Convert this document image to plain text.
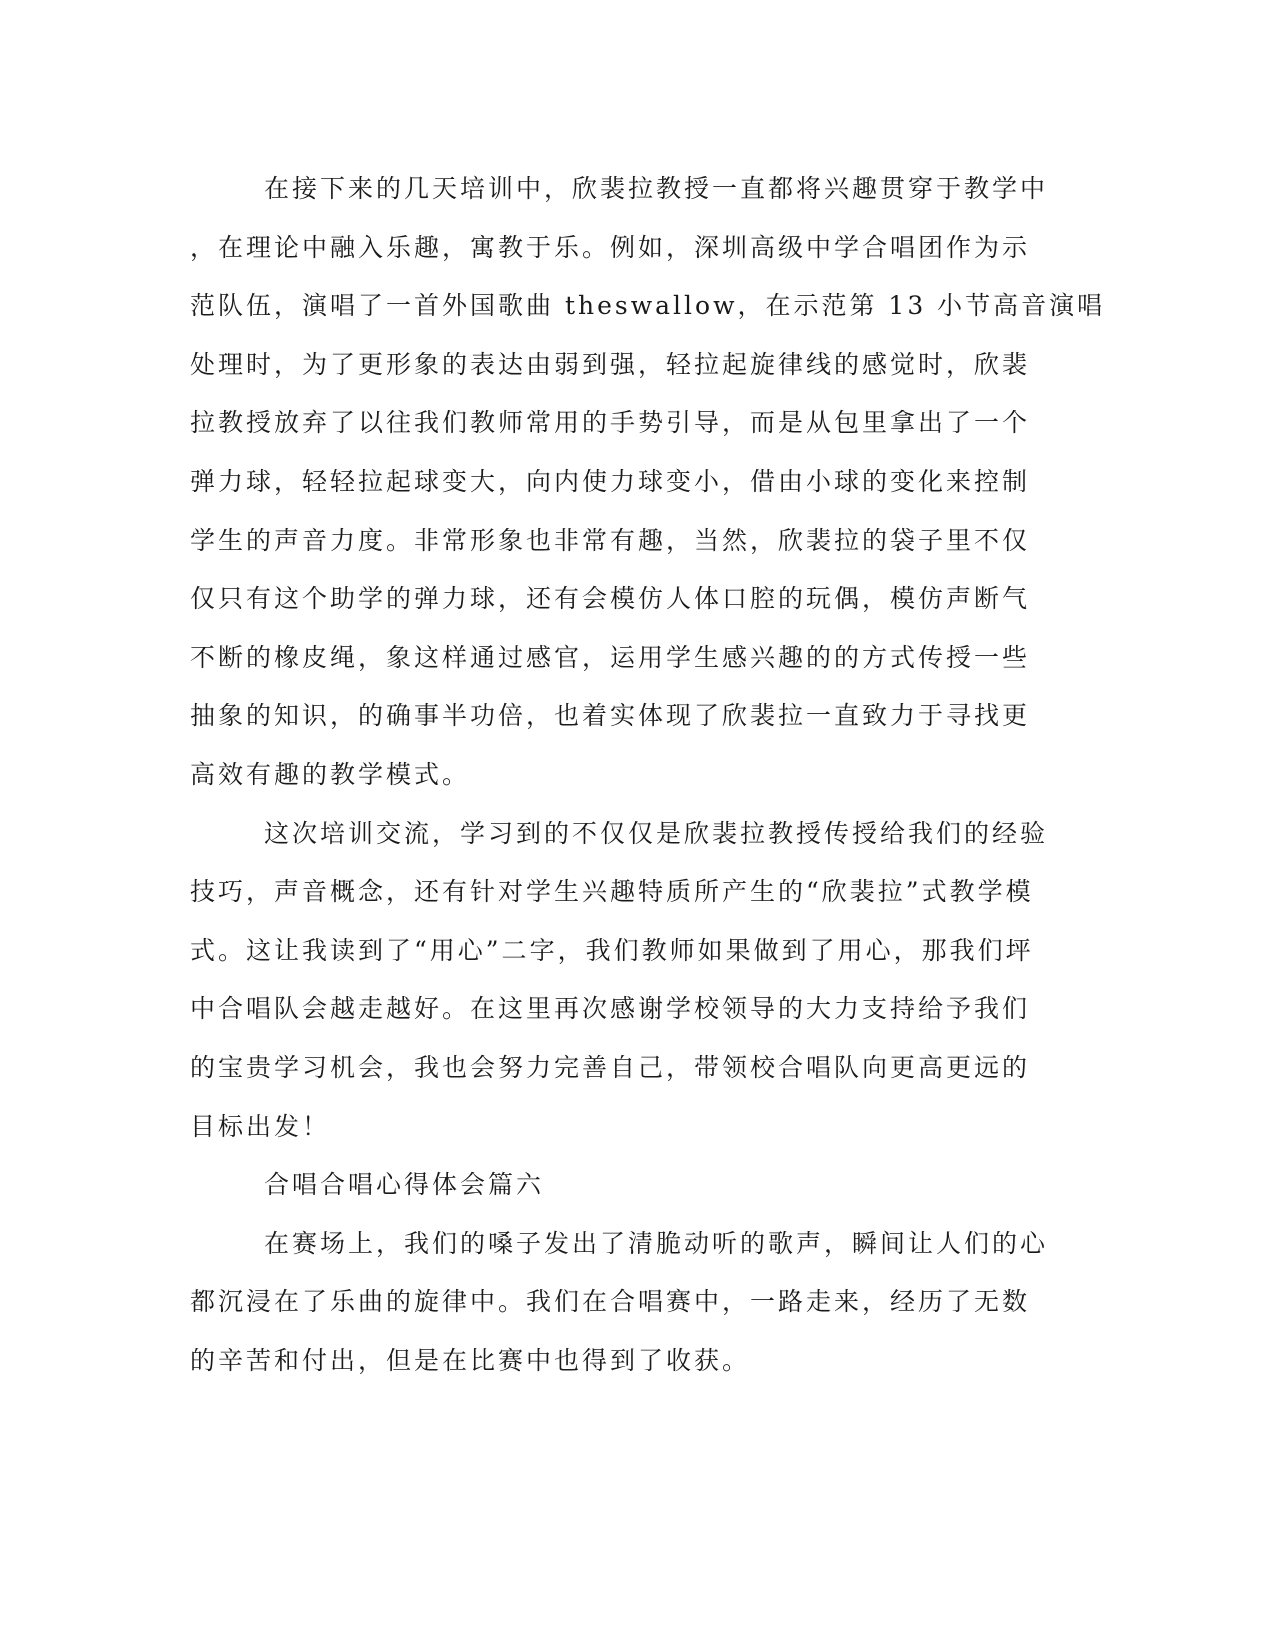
在接下来的几天培训中，欣裴拉教授一直都将兴趣贯穿于教学中
，在理论中融入乐趣，寓教于乐。例如，深圳高级中学合唱团作为示
范队伍，演唱了一首外国歌曲 theswallow，在示范第 13 小节高音演唱
处理时，为了更形象的表达由弱到强，轻拉起旋律线的感觉时，欣裴
拉教授放弃了以往我们教师常用的手势引导，而是从包里拿出了一个
弹力球，轻轻拉起球变大，向内使力球变小，借由小球的变化来控制
学生的声音力度。非常形象也非常有趣，当然，欣裴拉的袋子里不仅
仅只有这个助学的弹力球，还有会模仿人体口腔的玩偶，模仿声断气
不断的橡皮绳，象这样通过感官，运用学生感兴趣的的方式传授一些
抽象的知识，的确事半功倍，也着实体现了欣裴拉一直致力于寻找更
高效有趣的教学模式。
这次培训交流，学习到的不仅仅是欣裴拉教授传授给我们的经验
技巧，声音概念，还有针对学生兴趣特质所产生的“欣裴拉”式教学模
式。这让我读到了“用心”二字，我们教师如果做到了用心，那我们坪
中合唱队会越走越好。在这里再次感谢学校领导的大力支持给予我们
的宝贵学习机会，我也会努力完善自己，带领校合唱队向更高更远的
目标出发！
合唱合唱心得体会篇六
在赛场上，我们的嗓子发出了清脆动听的歌声，瞬间让人们的心
都沉浸在了乐曲的旋律中。我们在合唱赛中，一路走来，经历了无数
的辛苦和付出，但是在比赛中也得到了收获。
